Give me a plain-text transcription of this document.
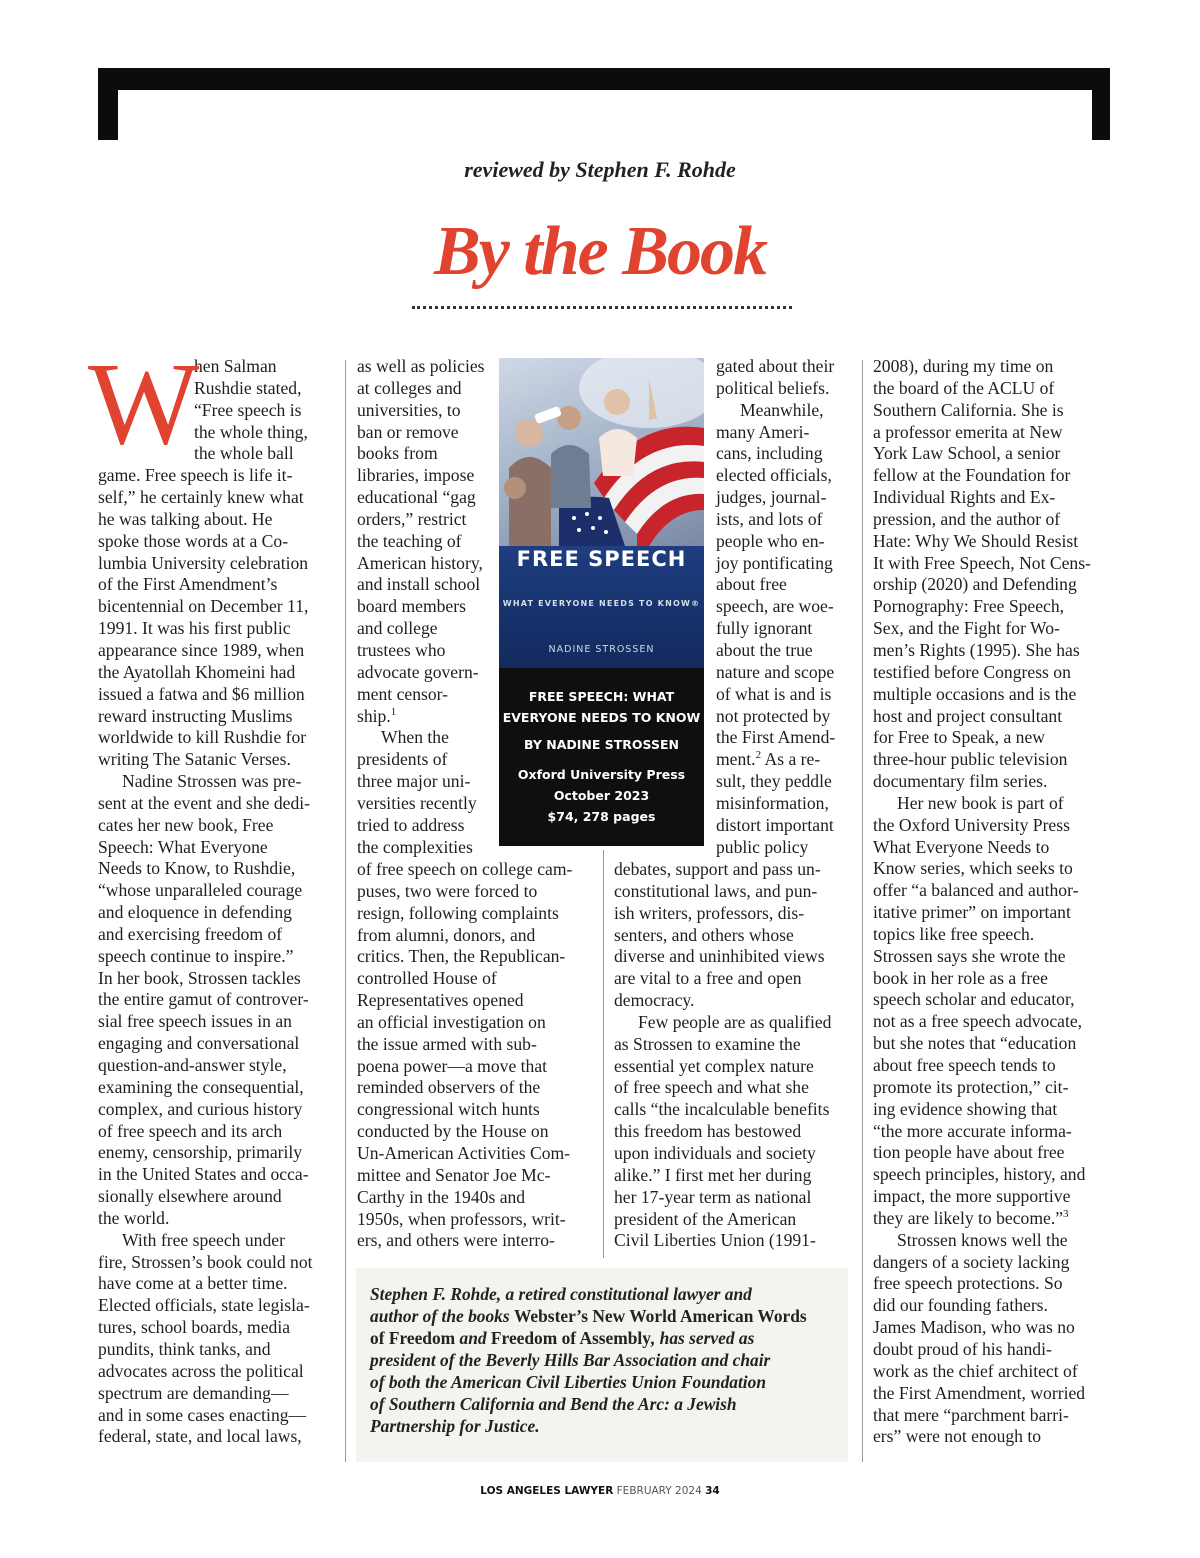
reviewed by Stephen F. Rohde
By the Book
W

hen Salman

Rushdie stated,

“Free speech is

the whole thing,

the whole ball

game. Free speech is life it-

self,” he certainly knew what

he was talking about. He

spoke those words at a Co-

lumbia University celebration

of the First Amendment’s

bicentennial on December 11,

1991. It was his first public

appearance since 1989, when

the Ayatollah Khomeini had

issued a fatwa and $6 million

reward instructing Muslims

worldwide to kill Rushdie for

writing The Satanic Verses.

Nadine Strossen was pre-

sent at the event and she dedi-

cates her new book, Free

Speech: What Everyone

Needs to Know, to Rushdie,

“whose unparalleled courage

and eloquence in defending

and exercising freedom of

speech continue to inspire.”

In her book, Strossen tackles

the entire gamut of controver-

sial free speech issues in an

engaging and conversational

question-and-answer style,

examining the consequential,

complex, and curious history

of free speech and its arch

enemy, censorship, primarily

in the United States and occa-

sionally elsewhere around

the world.

With free speech under

fire, Strossen’s book could not

have come at a better time.

Elected officials, state legisla-

tures, school boards, media

pundits, think tanks, and

advocates across the political

spectrum are demanding—

and in some cases enacting—

federal, state, and local laws,

as well as policies

at colleges and

universities, to

ban or remove

books from

libraries, impose

educational “gag

orders,” restrict

the teaching of

American history,

and install school

board members

and college

trustees who

advocate govern-

ment censor-

ship.$^1$

When the

presidents of

three major uni-

versities recently

tried to address

the complexities

of free speech on college cam-

puses, two were forced to

resign, following complaints

from alumni, donors, and

critics. Then, the Republican-

controlled House of

Representatives opened

an official investigation on

the issue armed with sub-

poena power—a move that

reminded observers of the

congressional witch hunts

conducted by the House on

Un-American Activities Com-

mittee and Senator Joe Mc-

Carthy in the 1940s and

1950s, when professors, writ-

ers, and others were interro-

gated about their

political beliefs.

Meanwhile,

many Ameri-

cans, including

elected officials,

judges, journal-

ists, and lots of

people who en-

joy pontificating

about free

speech, are woe-

fully ignorant

about the true

nature and scope

of what is and is

not protected by

the First Amend-

ment.$^2$ As a re-

sult, they peddle

misinformation,

distort important

public policy

debates, support and pass un-

constitutional laws, and pun-

ish writers, professors, dis-

senters, and others whose

diverse and uninhibited views

are vital to a free and open

democracy.

Few people are as qualified

as Strossen to examine the

essential yet complex nature

of free speech and what she

calls “the incalculable benefits

this freedom has bestowed

upon individuals and society

alike.” I first met her during

her 17-year term as national

president of the American

Civil Liberties Union (1991-

2008), during my time on

the board of the ACLU of

Southern California. She is

a professor emerita at New

York Law School, a senior

fellow at the Foundation for

Individual Rights and Ex-

pression, and the author of

Hate: Why We Should Resist

It with Free Speech, Not Cens-

orship (2020) and Defending

Pornography: Free Speech,

Sex, and the Fight for Wo-

men’s Rights (1995). She has

testified before Congress on

multiple occasions and is the

host and project consultant

for Free to Speak, a new

three-hour public television

documentary film series.

Her new book is part of

the Oxford University Press

What Everyone Needs to

Know series, which seeks to

offer “a balanced and author-

itative primer” on important

topics like free speech.

Strossen says she wrote the

book in her role as a free

speech scholar and educator,

not as a free speech advocate,

but she notes that “education

about free speech tends to

promote its protection,” cit-

ing evidence showing that

“the more accurate informa-

tion people have about free

speech principles, history, and

impact, the more supportive

they are likely to become.”$^3$

Strossen knows well the

dangers of a society lacking

free speech protections. So

did our founding fathers.

James Madison, who was no

doubt proud of his handi-

work as the chief architect of

the First Amendment, worried

that mere “parchment barri-

ers” were not enough to

FREE SPEECH
WHAT EVERYONE NEEDS TO KNOW®
NADINE STROSSEN
FREE SPEECH: WHAT
EVERYONE NEEDS TO KNOW
BY NADINE STROSSEN
Oxford University Press
October 2023
$74, 278 pages
Stephen F. Rohde, a retired constitutional lawyer and
author of the books Webster’s New World American Words
of Freedom and Freedom of Assembly, has served as
president of the Beverly Hills Bar Association and chair
of both the American Civil Liberties Union Foundation
of Southern California and Bend the Arc: a Jewish
Partnership for Justice.
LOS ANGELES LAWYER FEBRUARY 2024 34
